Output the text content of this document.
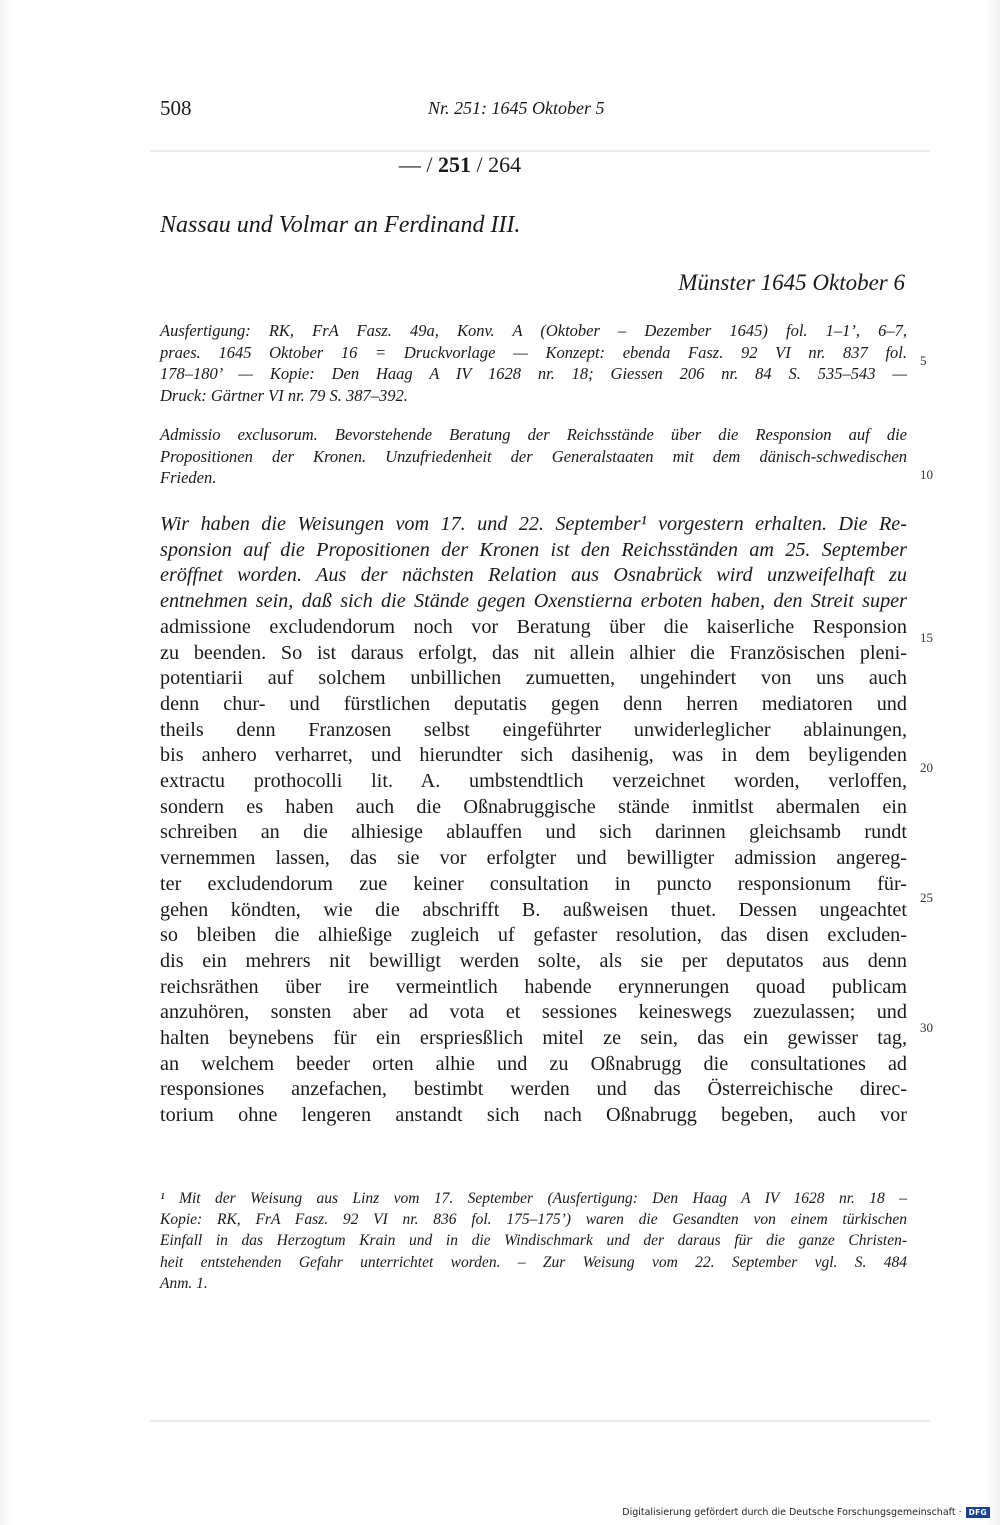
508	Nr. 251: 1645 Oktober 5
— / 251 / 264
Nassau und Volmar an Ferdinand III.
Münster 1645 Oktober 6
Ausfertigung: RK, FrA Fasz. 49a, Konv. A (Oktober – Dezember 1645) fol. 1–1’, 6–7,
praes. 1645 Oktober 16 = Druckvorlage — Konzept: ebenda Fasz. 92 VI nr. 837 fol.
178–180’ — Kopie: Den Haag A IV 1628 nr. 18; Giessen 206 nr. 84 S. 535–543 —
Druck: Gärtner VI nr. 79 S. 387–392.
Admissio exclusorum. Bevorstehende Beratung der Reichsstände über die Responsion auf die
Propositionen der Kronen. Unzufriedenheit der Generalstaaten mit dem dänisch-schwedischen
Frieden.
Wir haben die Weisungen vom 17. und 22. September¹ vorgestern erhalten. Die Re-
sponsion auf die Propositionen der Kronen ist den Reichsständen am 25. September
eröffnet worden. Aus der nächsten Relation aus Osnabrück wird unzweifelhaft zu
entnehmen sein, daß sich die Stände gegen Oxenstierna erboten haben, den Streit super
admissione excludendorum noch vor Beratung über die kaiserliche Responsion
zu beenden. So ist daraus erfolgt, das nit allein alhier die Französischen pleni-
potentiarii auf solchem unbillichen zumuetten, ungehindert von uns auch
denn chur- und fürstlichen deputatis gegen denn herren mediatoren und
theils denn Franzosen selbst eingeführter unwiderleglicher ablainungen,
bis anhero verharret, und hierundter sich dasihenig, was in dem beyligenden
extractu prothocolli lit. A. umbstendtlich verzeichnet worden, verloffen,
sondern es haben auch die Oßnabruggische stände inmitlst abermalen ein
schreiben an die alhiesige ablauffen und sich darinnen gleichsamb rundt
vernemmen lassen, das sie vor erfolgter und bewilligter admission angereg-
ter excludendorum zue keiner consultation in puncto responsionum für-
gehen köndten, wie die abschrifft B. außweisen thuet. Dessen ungeachtet
so bleiben die alhießige zugleich uf gefaster resolution, das disen excluden-
dis ein mehrers nit bewilligt werden solte, als sie per deputatos aus denn
reichsräthen über ire vermeintlich habende erynnerungen quoad publicam
anzuhören, sonsten aber ad vota et sessiones keineswegs zuezulassen; und
halten beynebens für ein erspriesßlich mitel ze sein, das ein gewisser tag,
an welchem beeder orten alhie und zu Oßnabrugg die consultationes ad
responsiones anzefachen, bestimbt werden und das Österreichische direc-
torium ohne lengeren anstandt sich nach Oßnabrugg begeben, auch vor
5
10
15
20
25
30
¹ Mit der Weisung aus Linz vom 17. September (Ausfertigung: Den Haag A IV 1628 nr. 18 –
Kopie: RK, FrA Fasz. 92 VI nr. 836 fol. 175–175’) waren die Gesandten von einem türkischen
Einfall in das Herzogtum Krain und in die Windischmark und der daraus für die ganze Christen-
heit entstehenden Gefahr unterrichtet worden. – Zur Weisung vom 22. September vgl. S. 484
Anm. 1.
Digitalisierung gefördert durch die Deutsche Forschungsgemeinschaft · DFG
